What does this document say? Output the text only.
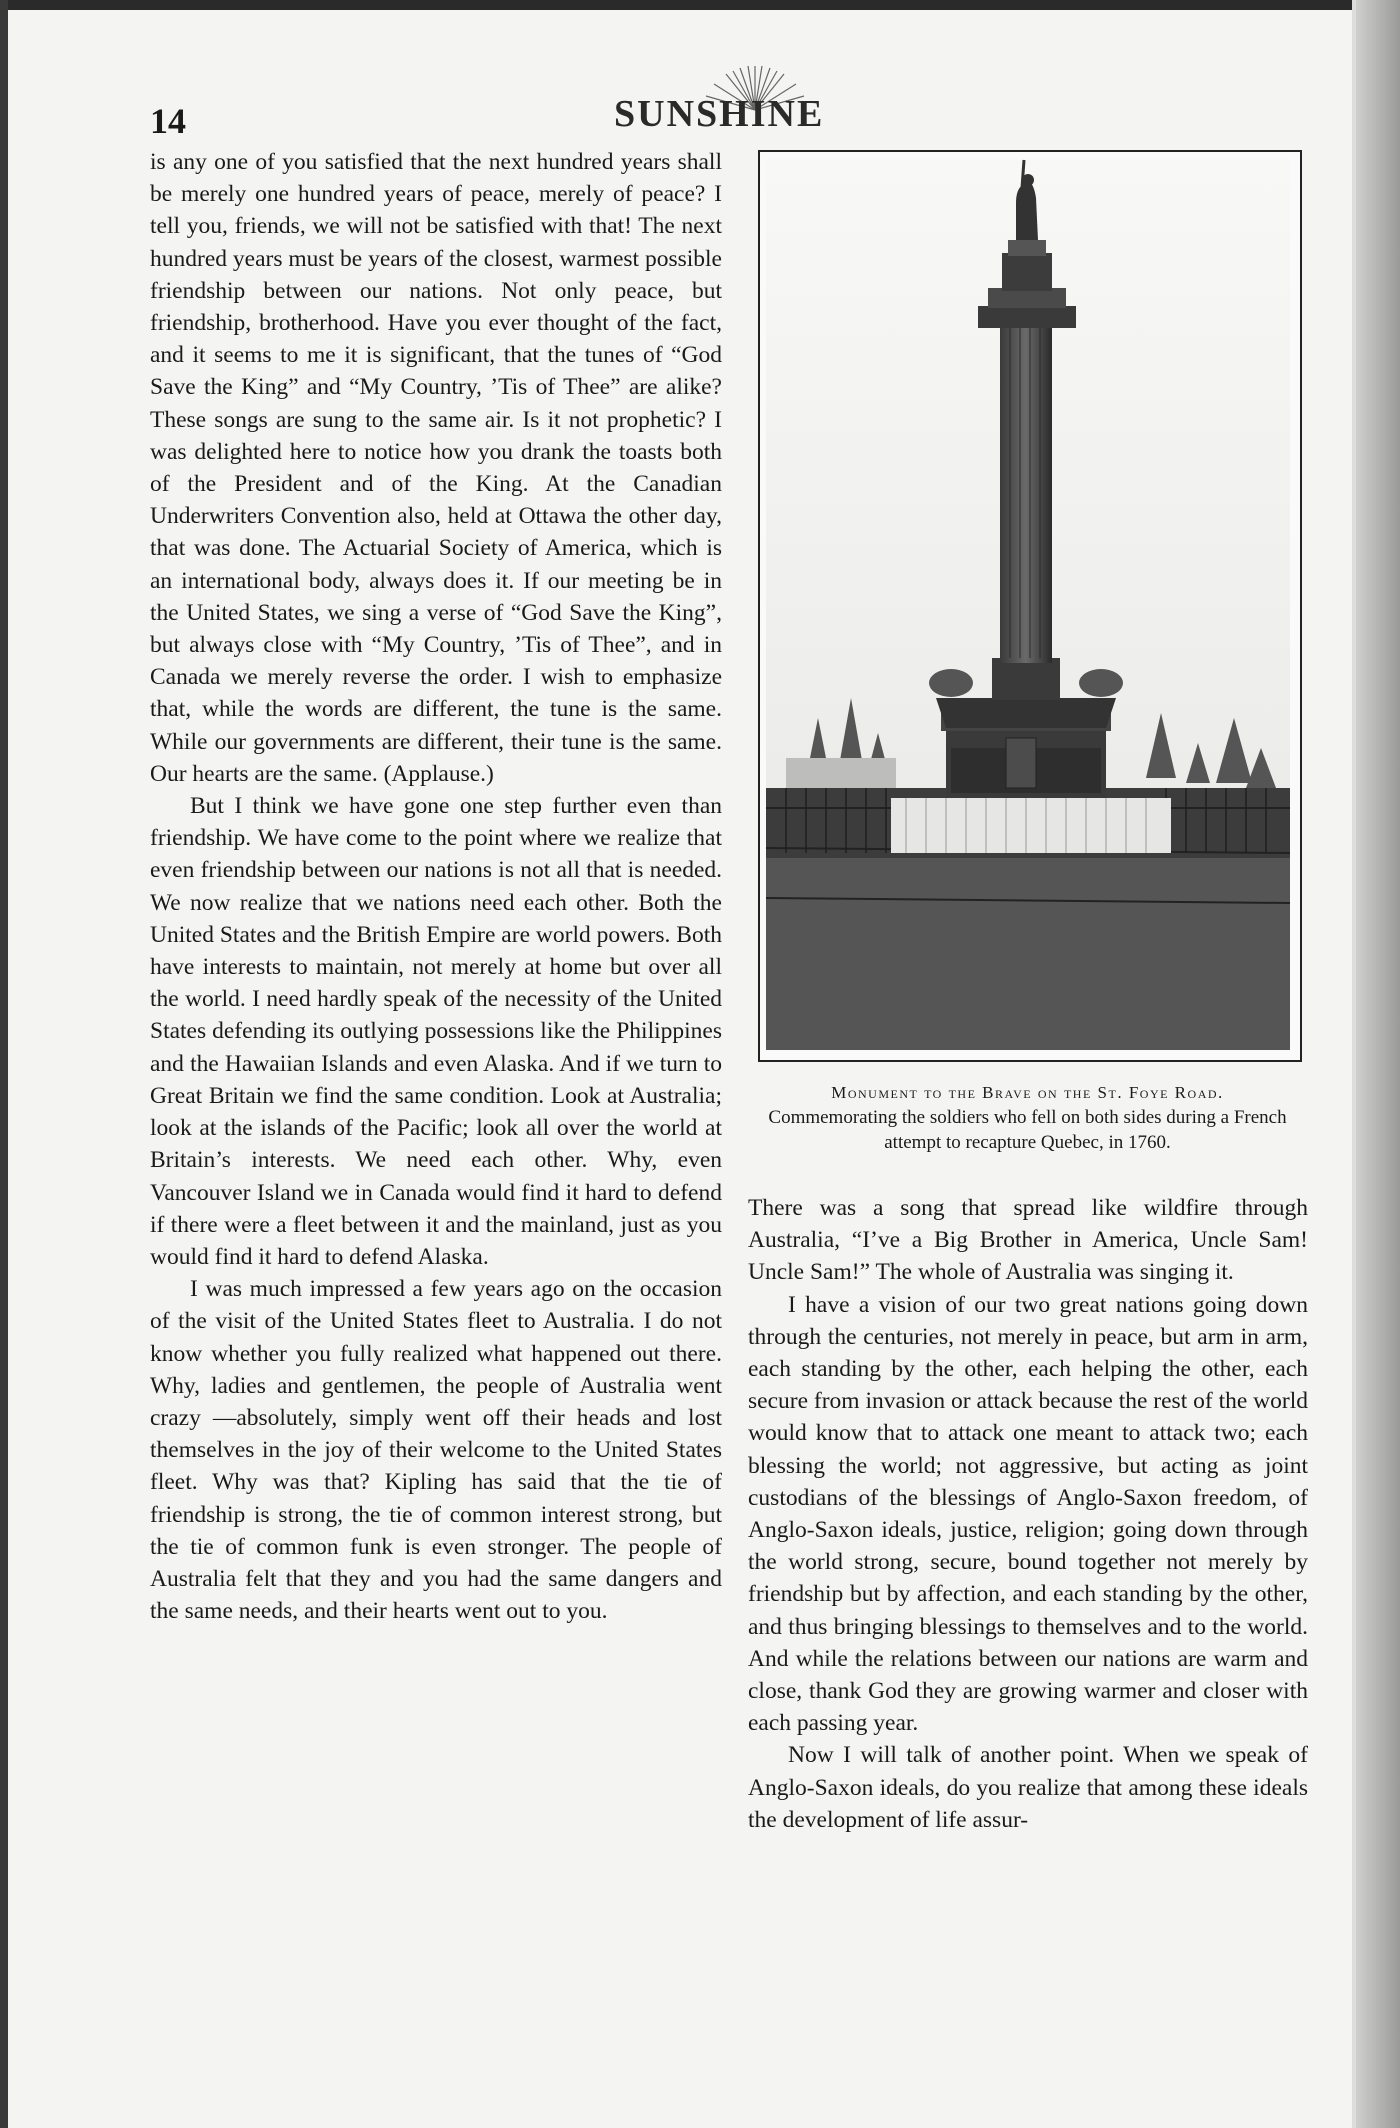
14	SUNSHINE

is any one of you satisfied that the next hundred years shall be merely one hundred years of peace, merely of peace? I tell you, friends, we will not be satisfied with that! The next hundred years must be years of the closest, warmest possible friendship between our nations. Not only peace, but friendship, brotherhood. Have you ever thought of the fact, and it seems to me it is significant, that the tunes of “God Save the King” and “My Country, ’Tis of Thee” are alike? These songs are sung to the same air. Is it not prophetic? I was delighted here to notice how you drank the toasts both of the President and of the King. At the Canadian Underwriters Convention also, held at Ottawa the other day, that was done. The Actuarial Society of America, which is an international body, always does it. If our meeting be in the United States, we sing a verse of “God Save the King”, but always close with “My Country, ’Tis of Thee”, and in Canada we merely reverse the order. I wish to emphasize that, while the words are different, the tune is the same. While our governments are different, their tune is the same. Our hearts are the same. (Applause.)

But I think we have gone one step further even than friendship. We have come to the point where we realize that even friendship between our nations is not all that is needed. We now realize that we nations need each other. Both the United States and the British Empire are world powers. Both have interests to maintain, not merely at home but over all the world. I need hardly speak of the necessity of the United States defending its outlying possessions like the Philippines and the Hawaiian Islands and even Alaska. And if we turn to Great Britain we find the same condition. Look at Australia; look at the islands of the Pacific; look all over the world at Britain’s interests. We need each other. Why, even Vancouver Island we in Canada would find it hard to defend if there were a fleet between it and the mainland, just as you would find it hard to defend Alaska.

I was much impressed a few years ago on the occasion of the visit of the United States fleet to Australia. I do not know whether you fully realized what happened out there. Why, ladies and gentlemen, the people of Australia went crazy —absolutely, simply went off their heads and lost themselves in the joy of their welcome to the United States fleet. Why was that? Kipling has said that the tie of friendship is strong, the tie of common interest strong, but the tie of common funk is even stronger. The people of Australia felt that they and you had the same dangers and the same needs, and their hearts went out to you.

Monument to the Brave on the St. Foye Road.
Commemorating the soldiers who fell on both sides during a French attempt to recapture Quebec, in 1760.

There was a song that spread like wildfire through Australia, “I’ve a Big Brother in America, Uncle Sam! Uncle Sam!” The whole of Australia was singing it.

I have a vision of our two great nations going down through the centuries, not merely in peace, but arm in arm, each standing by the other, each helping the other, each secure from invasion or attack because the rest of the world would know that to attack one meant to attack two; each blessing the world; not aggressive, but acting as joint custodians of the blessings of Anglo-Saxon freedom, of Anglo-Saxon ideals, justice, religion; going down through the world strong, secure, bound together not merely by friendship but by affection, and each standing by the other, and thus bringing blessings to themselves and to the world. And while the relations between our nations are warm and close, thank God they are growing warmer and closer with each passing year.

Now I will talk of another point. When we speak of Anglo-Saxon ideals, do you realize that among these ideals the development of life assur-
